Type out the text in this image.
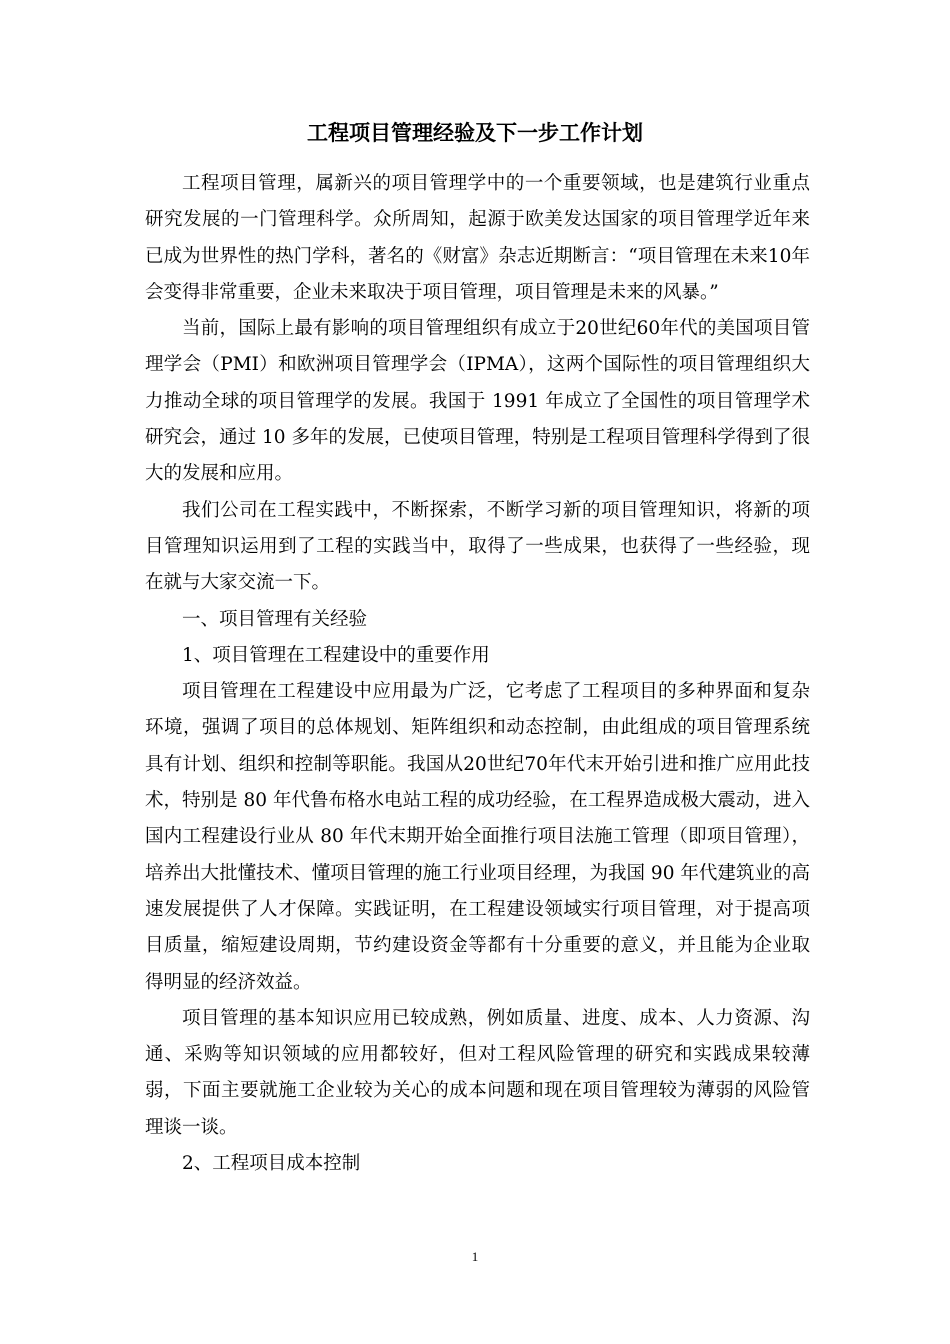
工程项目管理经验及下一步工作计划

工程项目管理，属新兴的项目管理学中的一个重要领域，也是建筑行业重点研究发展的一门管理科学。众所周知，起源于欧美发达国家的项目管理学近年来已成为世界性的热门学科，著名的《财富》杂志近期断言：“项目管理在未来10年会变得非常重要，企业未来取决于项目管理，项目管理是未来的风暴。”

当前，国际上最有影响的项目管理组织有成立于20世纪60年代的美国项目管理学会（PMI）和欧洲项目管理学会（IPMA），这两个国际性的项目管理组织大力推动全球的项目管理学的发展。我国于 1991 年成立了全国性的项目管理学术研究会，通过 10 多年的发展，已使项目管理，特别是工程项目管理科学得到了很大的发展和应用。

我们公司在工程实践中，不断探索，不断学习新的项目管理知识，将新的项目管理知识运用到了工程的实践当中，取得了一些成果，也获得了一些经验，现在就与大家交流一下。

一、项目管理有关经验

1、项目管理在工程建设中的重要作用

项目管理在工程建设中应用最为广泛，它考虑了工程项目的多种界面和复杂环境，强调了项目的总体规划、矩阵组织和动态控制，由此组成的项目管理系统具有计划、组织和控制等职能。我国从20世纪70年代末开始引进和推广应用此技术，特别是 80 年代鲁布格水电站工程的成功经验，在工程界造成极大震动，进入国内工程建设行业从 80 年代末期开始全面推行项目法施工管理（即项目管理），培养出大批懂技术、懂项目管理的施工行业项目经理，为我国 90 年代建筑业的高速发展提供了人才保障。实践证明，在工程建设领域实行项目管理，对于提高项目质量，缩短建设周期，节约建设资金等都有十分重要的意义，并且能为企业取得明显的经济效益。

项目管理的基本知识应用已较成熟，例如质量、进度、成本、人力资源、沟通、采购等知识领域的应用都较好，但对工程风险管理的研究和实践成果较薄弱，下面主要就施工企业较为关心的成本问题和现在项目管理较为薄弱的风险管理谈一谈。

2、工程项目成本控制

1
